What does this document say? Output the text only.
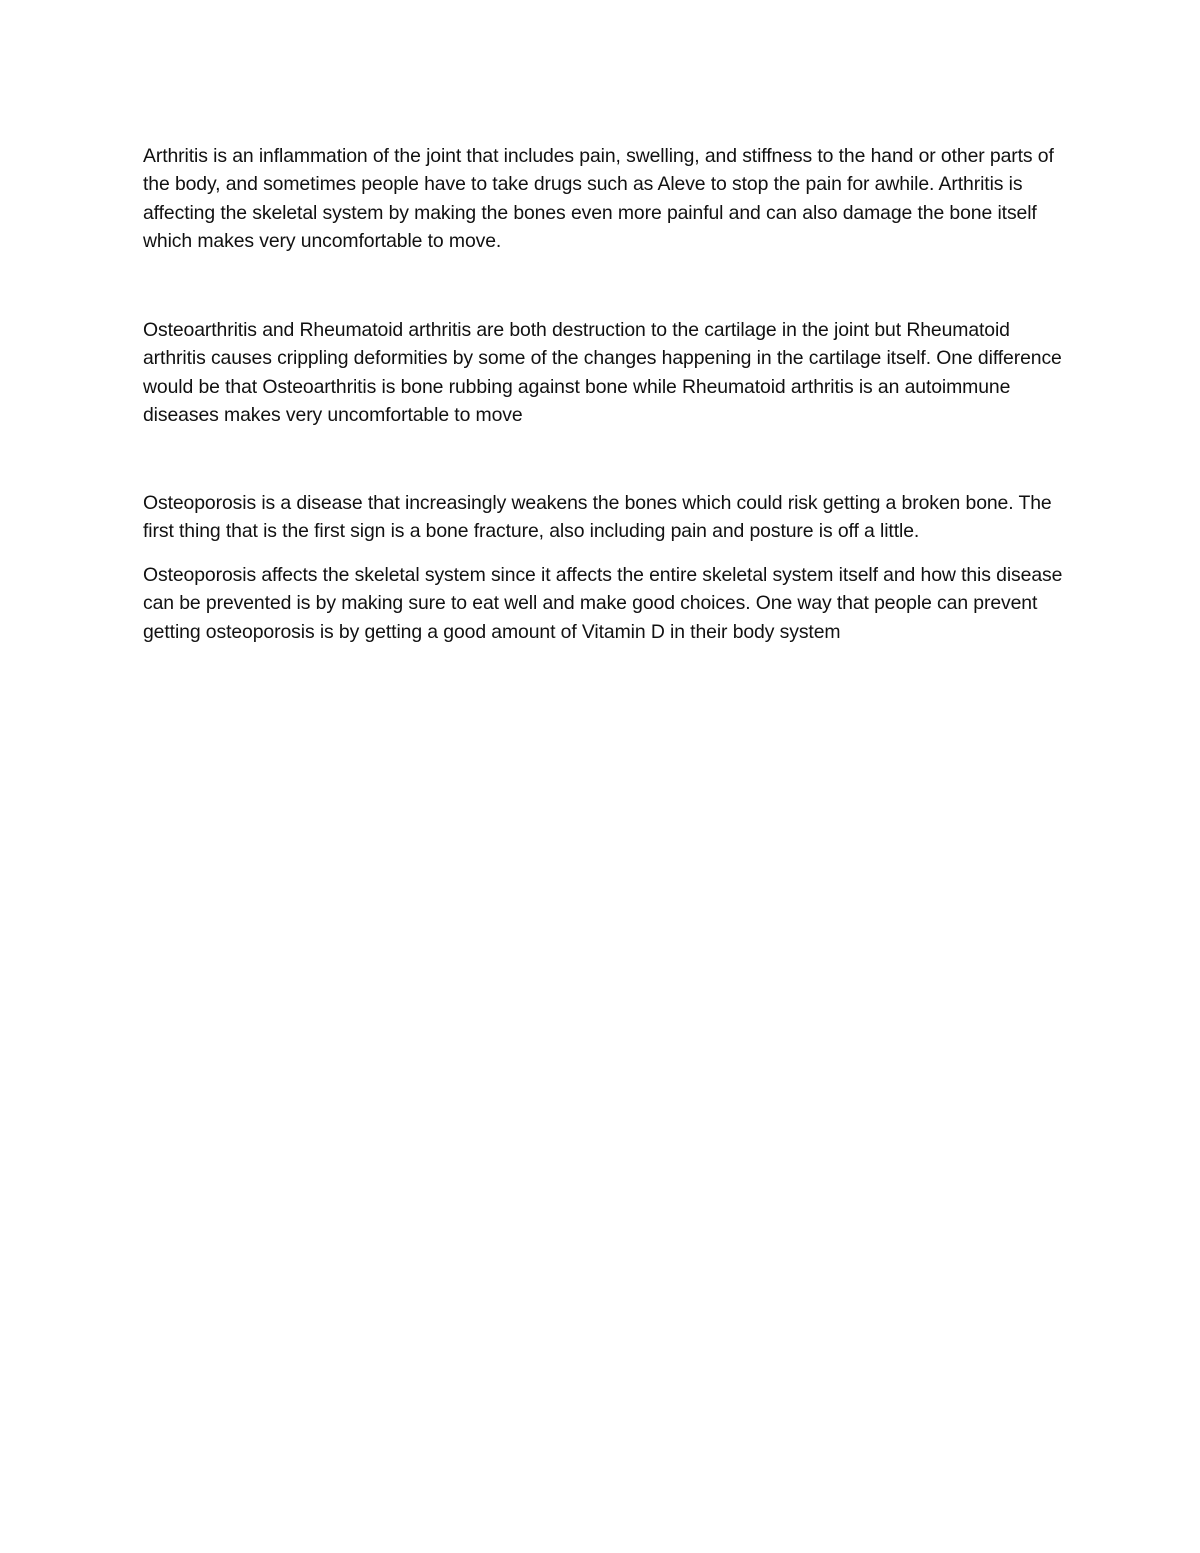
Arthritis is an inflammation of the joint that includes pain, swelling, and stiffness to the hand or other parts of the body, and sometimes people have to take drugs such as Aleve to stop the pain for awhile. Arthritis is affecting the skeletal system by making the bones even more painful and can also damage the bone itself which makes very uncomfortable to move.

Osteoarthritis and Rheumatoid arthritis are both destruction to the cartilage in the joint but Rheumatoid arthritis causes crippling deformities by some of the changes happening in the cartilage itself. One difference would be that Osteoarthritis is bone rubbing against bone while Rheumatoid arthritis is an autoimmune diseases makes very uncomfortable to move

Osteoporosis is a disease that increasingly weakens the bones which could risk getting a broken bone. The first thing that is the first sign is a bone fracture, also including pain and posture is off a little.

Osteoporosis affects the skeletal system since it affects the entire skeletal system itself and how this disease can be prevented is by making sure to eat well and make good choices. One way that people can prevent getting osteoporosis is by getting a good amount of Vitamin D in their body system
